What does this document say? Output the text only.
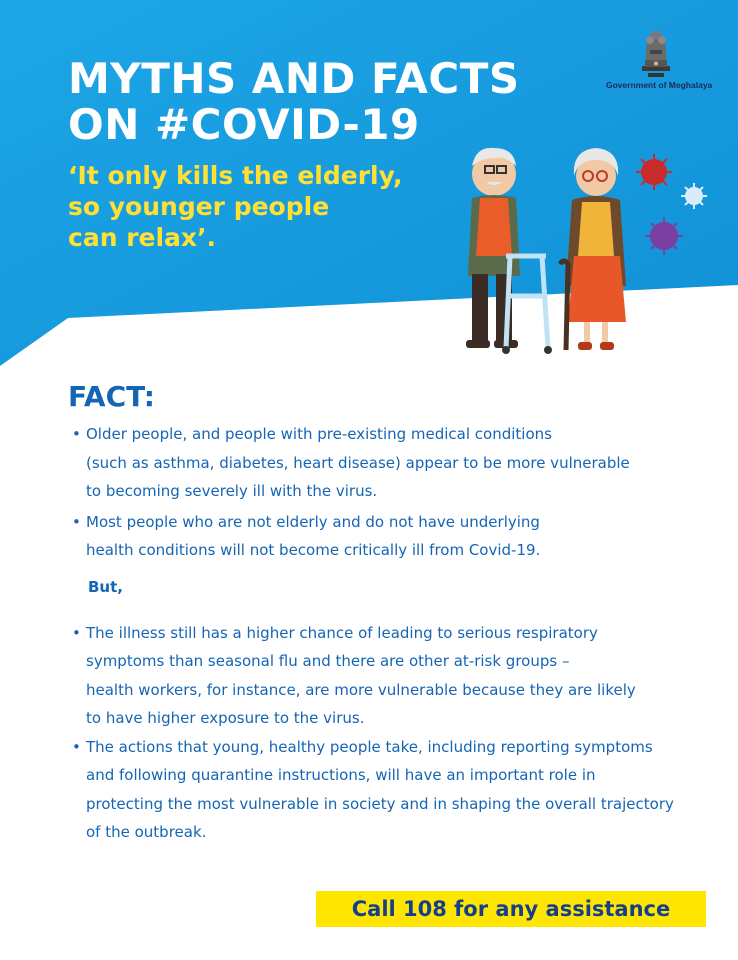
Government of Meghalaya
MYTHS AND FACTS
ON #COVID-19

‘It only kills the elderly,
so younger people
can relax’.

FACT:
• Older people, and people with pre-existing medical conditions
(such as asthma, diabetes, heart disease) appear to be more vulnerable
to becoming severely ill with the virus.
• Most people who are not elderly and do not have underlying
health conditions will not become critically ill from Covid-19.
But,
• The illness still has a higher chance of leading to serious respiratory
symptoms than seasonal flu and there are other at-risk groups –
health workers, for instance, are more vulnerable because they are likely
to have higher exposure to the virus.
• The actions that young, healthy people take, including reporting symptoms
and following quarantine instructions, will have an important role in
protecting the most vulnerable in society and in shaping the overall trajectory
of the outbreak.
Call 108 for any assistance
